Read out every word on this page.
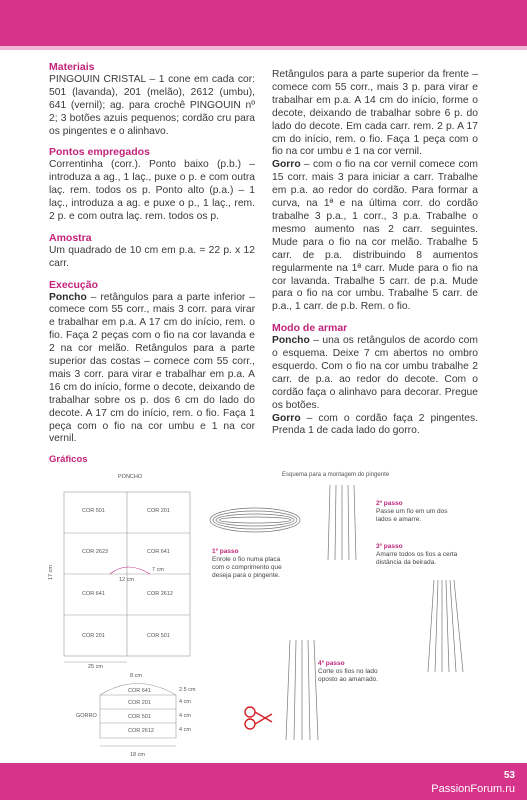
Materiais

PINGOUIN CRISTAL – 1 cone em cada cor: 501 (lavanda), 201 (melão), 2612 (umbu), 641 (vernil); ag. para crochê PINGOUIN nº 2; 3 botões azuis pequenos; cordão cru para os pingentes e o alinhavo.

Pontos empregados

Correntinha (corr.). Ponto baixo (p.b.) – introduza a ag., 1 laç., puxe o p. e com outra laç. rem. todos os p. Ponto alto (p.a.) – 1 laç., introduza a ag. e puxe o p., 1 laç., rem. 2 p. e com outra laç. rem. todos os p.

Amostra

Um quadrado de 10 cm em p.a. = 22 p. x 12 carr.

Execução

Poncho – retângulos para a parte inferior – comece com 55 corr., mais 3 corr. para virar e trabalhar em p.a. A 17 cm do início, rem. o fio. Faça 2 peças com o fio na cor lavanda e 2 na cor melão. Retângulos para a parte superior das costas – comece com 55 corr., mais 3 corr. para virar e trabalhar em p.a. A 16 cm do início, forme o decote, deixando de trabalhar sobre os p. dos 6 cm do lado do decote. A 17 cm do início, rem. o fio. Faça 1 peça com o fio na cor umbu e 1 na cor vernil.

Retângulos para a parte superior da frente – comece com 55 corr., mais 3 p. para virar e trabalhar em p.a. A 14 cm do início, forme o decote, deixando de trabalhar sobre 6 p. do lado do decote. Em cada carr. rem. 2 p. A 17 cm do início, rem. o fio. Faça 1 peça com o fio na cor umbu e 1 na cor vernil.

Gorro – com o fio na cor vernil comece com 15 corr. mais 3 para iniciar a carr. Trabalhe em p.a. ao redor do cordão. Para formar a curva, na 1ª e na última corr. do cordão trabalhe 3 p.a., 1 corr., 3 p.a. Trabalhe o mesmo aumento nas 2 carr. seguintes. Mude para o fio na cor melão. Trabalhe 5 carr. de p.a. distribuindo 8 aumentos regularmente na 1ª carr. Mude para o fio na cor lavanda. Trabalhe 5 carr. de p.a. Mude para o fio na cor umbu. Trabalhe 5 carr. de p.a., 1 carr. de p.b. Rem. o fio.

Modo de armar

Poncho – una os retângulos de acordo com o esquema. Deixe 7 cm abertos no ombro esquerdo. Com o fio na cor umbu trabalhe 2 carr. de p.a. ao redor do decote. Com o cordão faça o alinhavo para decorar. Pregue os botões.

Gorro – com o cordão faça 2 pingentes. Prenda 1 de cada lado do gorro.

Gráficos
PONCHO
COR 501	COR 201
COR 2623	COR 641
COR 641	COR 2612
COR 201	COR 501
12 cm
7 cm
17 cm
25 cm
8 cm
COR 641
COR 201
COR 501
COR 2612
2.5 cm
4 cm
4 cm
4 cm
GORRO
18 cm
Esquema para a montagem do pingente
1º passo
Enrole o fio numa placa com o comprimento que deseja para o pingente.
2º passo
Passe um fio em um dos lados e amarre.
3º passo
Amarre todos os fios a certa distância da beirada.
4º passo
Corte os fios no lado oposto ao amarrado.
53
PassionForum.ru
